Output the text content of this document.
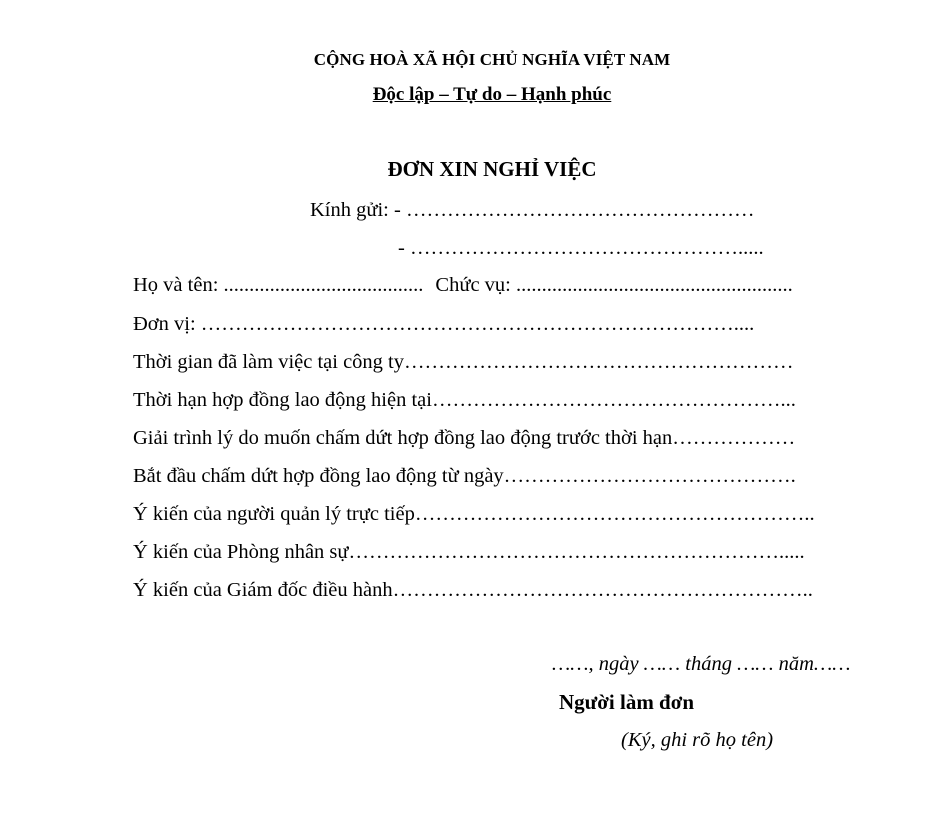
CỘNG HOÀ XÃ HỘI CHỦ NGHĨA VIỆT NAM
Độc lập – Tự do – Hạnh phúc
ĐƠN XIN NGHỈ VIỆC
Kính gửi: - ……………………………………………
- ………………………………………….....
Họ và tên: ....................................... Chức vụ: ......................................................
Đơn vị: ……………………………………………………………………....
Thời gian đã làm việc tại công ty…………………………………………………
Thời hạn hợp đồng lao động hiện tại……………………………………………...
Giải trình lý do muốn chấm dứt hợp đồng lao động trước thời hạn………………
Bắt đầu chấm dứt hợp đồng lao động từ ngày…………………………………….
Ý kiến của người quản lý trực tiếp…………………………………………………..
Ý kiến của Phòng nhân sự……………………………………………………….....
Ý kiến của Giám đốc điều hành……………………………………………………..
……, ngày …… tháng …… năm……
Người làm đơn
(Ký, ghi rõ họ tên)
